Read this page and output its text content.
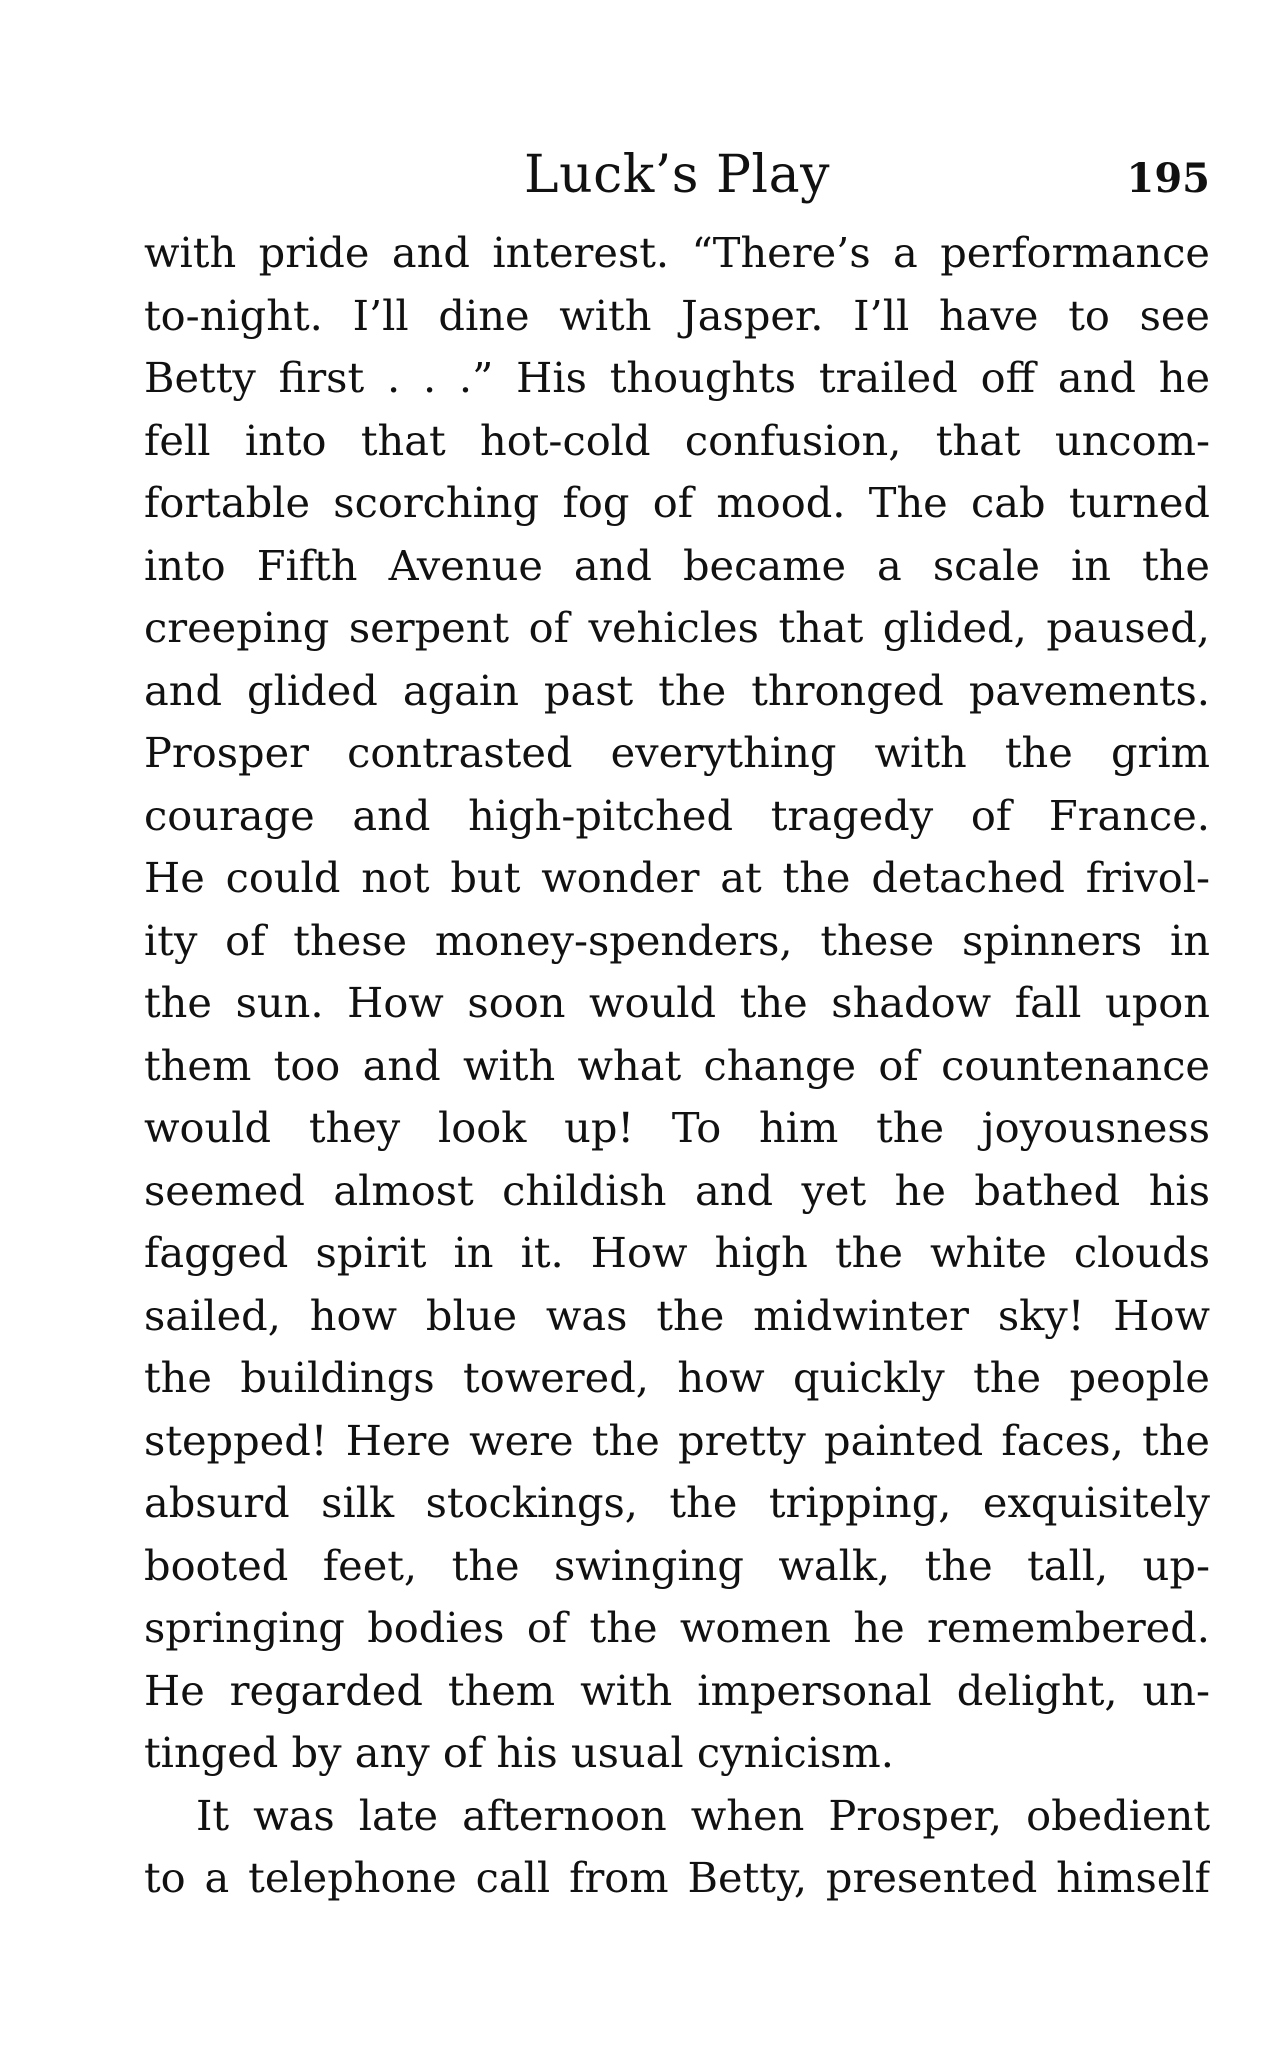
Luck’s Play	195
with pride and interest. “There’s a performance
to-night. I’ll dine with Jasper. I’ll have to see
Betty first . . .” His thoughts trailed off and he
fell into that hot-cold confusion, that uncom-
fortable scorching fog of mood. The cab turned
into Fifth Avenue and became a scale in the
creeping serpent of vehicles that glided, paused,
and glided again past the thronged pavements.
Prosper contrasted everything with the grim
courage and high-pitched tragedy of France.
He could not but wonder at the detached frivol-
ity of these money-spenders, these spinners in
the sun. How soon would the shadow fall upon
them too and with what change of countenance
would they look up! To him the joyousness
seemed almost childish and yet he bathed his
fagged spirit in it. How high the white clouds
sailed, how blue was the midwinter sky! How
the buildings towered, how quickly the people
stepped! Here were the pretty painted faces, the
absurd silk stockings, the tripping, exquisitely
booted feet, the swinging walk, the tall, up-
springing bodies of the women he remembered.
He regarded them with impersonal delight, un-
tinged by any of his usual cynicism.
It was late afternoon when Prosper, obedient
to a telephone call from Betty, presented himself
